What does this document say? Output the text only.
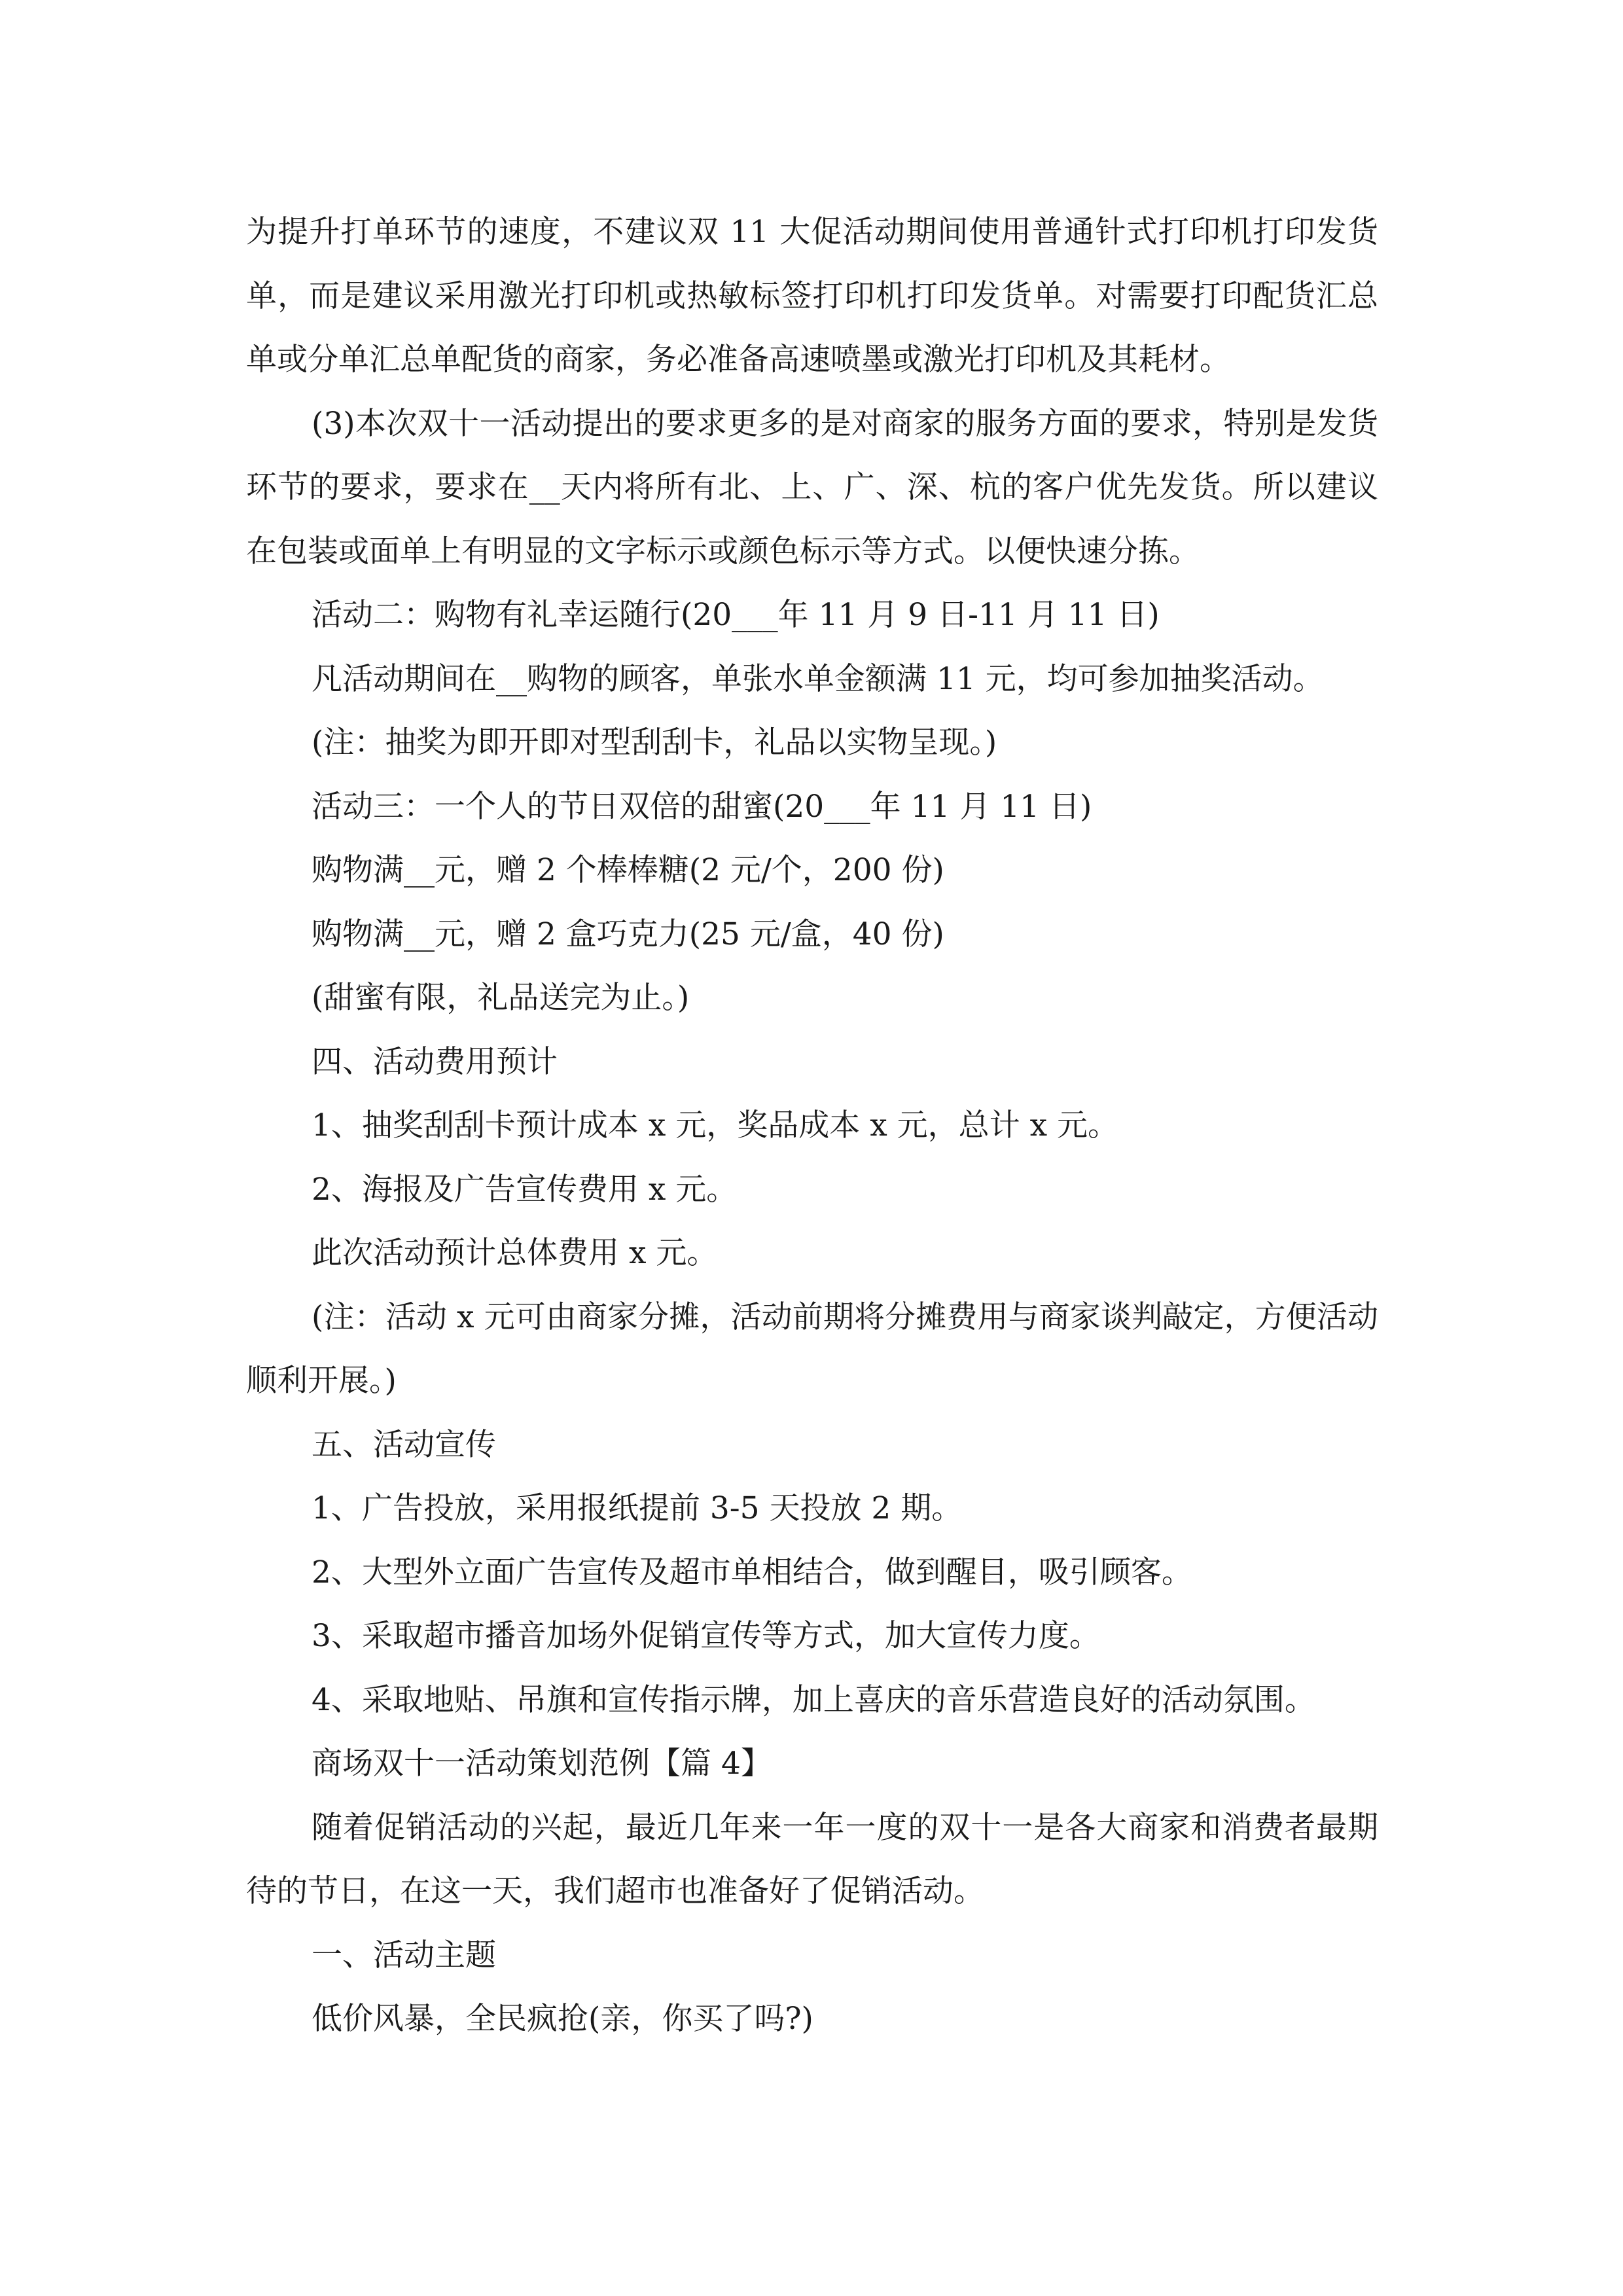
为提升打单环节的速度，不建议双 11 大促活动期间使用普通针式打印机打印发货单，而是建议采用激光打印机或热敏标签打印机打印发货单。对需要打印配货汇总单或分单汇总单配货的商家，务必准备高速喷墨或激光打印机及其耗材。

(3)本次双十一活动提出的要求更多的是对商家的服务方面的要求，特别是发货环节的要求，要求在__天内将所有北、上、广、深、杭的客户优先发货。所以建议在包装或面单上有明显的文字标示或颜色标示等方式。以便快速分拣。

活动二：购物有礼幸运随行(20___年 11 月 9 日-11 月 11 日)

凡活动期间在__购物的顾客，单张水单金额满 11 元，均可参加抽奖活动。

(注：抽奖为即开即对型刮刮卡，礼品以实物呈现。)

活动三：一个人的节日双倍的甜蜜(20___年 11 月 11 日)

购物满__元，赠 2 个棒棒糖(2 元/个，200 份)

购物满__元，赠 2 盒巧克力(25 元/盒，40 份)

(甜蜜有限，礼品送完为止。)

四、活动费用预计

1、抽奖刮刮卡预计成本 x 元，奖品成本 x 元，总计 x 元。

2、海报及广告宣传费用 x 元。

此次活动预计总体费用 x 元。

(注：活动 x 元可由商家分摊，活动前期将分摊费用与商家谈判敲定，方便活动顺利开展。)

五、活动宣传

1、广告投放，采用报纸提前 3-5 天投放 2 期。

2、大型外立面广告宣传及超市单相结合，做到醒目，吸引顾客。

3、采取超市播音加场外促销宣传等方式，加大宣传力度。

4、采取地贴、吊旗和宣传指示牌，加上喜庆的音乐营造良好的活动氛围。

商场双十一活动策划范例【篇 4】

随着促销活动的兴起，最近几年来一年一度的双十一是各大商家和消费者最期待的节日，在这一天，我们超市也准备好了促销活动。

一、活动主题

低价风暴，全民疯抢(亲，你买了吗?)
